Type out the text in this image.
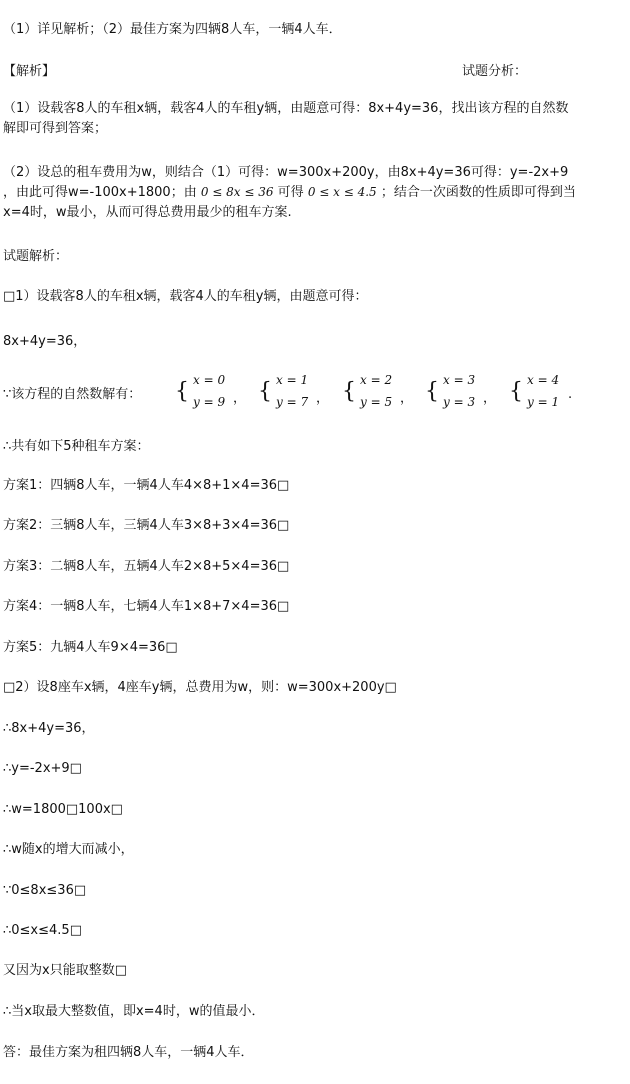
（1）详见解析；（2）最佳方案为四辆8人车，一辆4人车．
【解析】	试题分析：
（1）设载客8人的车租x辆，载客4人的车租y辆，由题意可得：8x+4y=36，找出该方程的自然数
解即可得到答案；
（2）设总的租车费用为w，则结合（1）可得：w=300x+200y，由8x+4y=36可得：y=-2x+9
，由此可得w=-100x+1800；由 0 ≤ 8x ≤ 36 可得 0 ≤ x ≤ 4.5 ；结合一次函数的性质即可得到当
x=4时，w最小，从而可得总费用最少的租车方案.
试题解析：
□1）设载客8人的车租x辆，载客4人的车租y辆，由题意可得：
8x+4y=36，
∵该方程的自然数解有： { x = 0
y = 9 ， { x = 1
y = 7 ， { x = 2
y = 5 ， { x = 3
y = 3 ， { x = 4
y = 1 .
∴共有如下5种租车方案：
方案1：四辆8人车，一辆4人车4×8+1×4=36□
方案2：三辆8人车，三辆4人车3×8+3×4=36□
方案3：二辆8人车，五辆4人车2×8+5×4=36□
方案4：一辆8人车，七辆4人车1×8+7×4=36□
方案5：九辆4人车9×4=36□
□2）设8座车x辆，4座车y辆，总费用为w，则：w=300x+200y□
∴8x+4y=36，
∴y=-2x+9□
∴w=1800□100x□
∴w随x的增大而减小，
∵0≤8x≤36□
∴0≤x≤4.5□
又因为x只能取整数□
∴当x取最大整数值，即x=4时，w的值最小．
答：最佳方案为租四辆8人车，一辆4人车．
